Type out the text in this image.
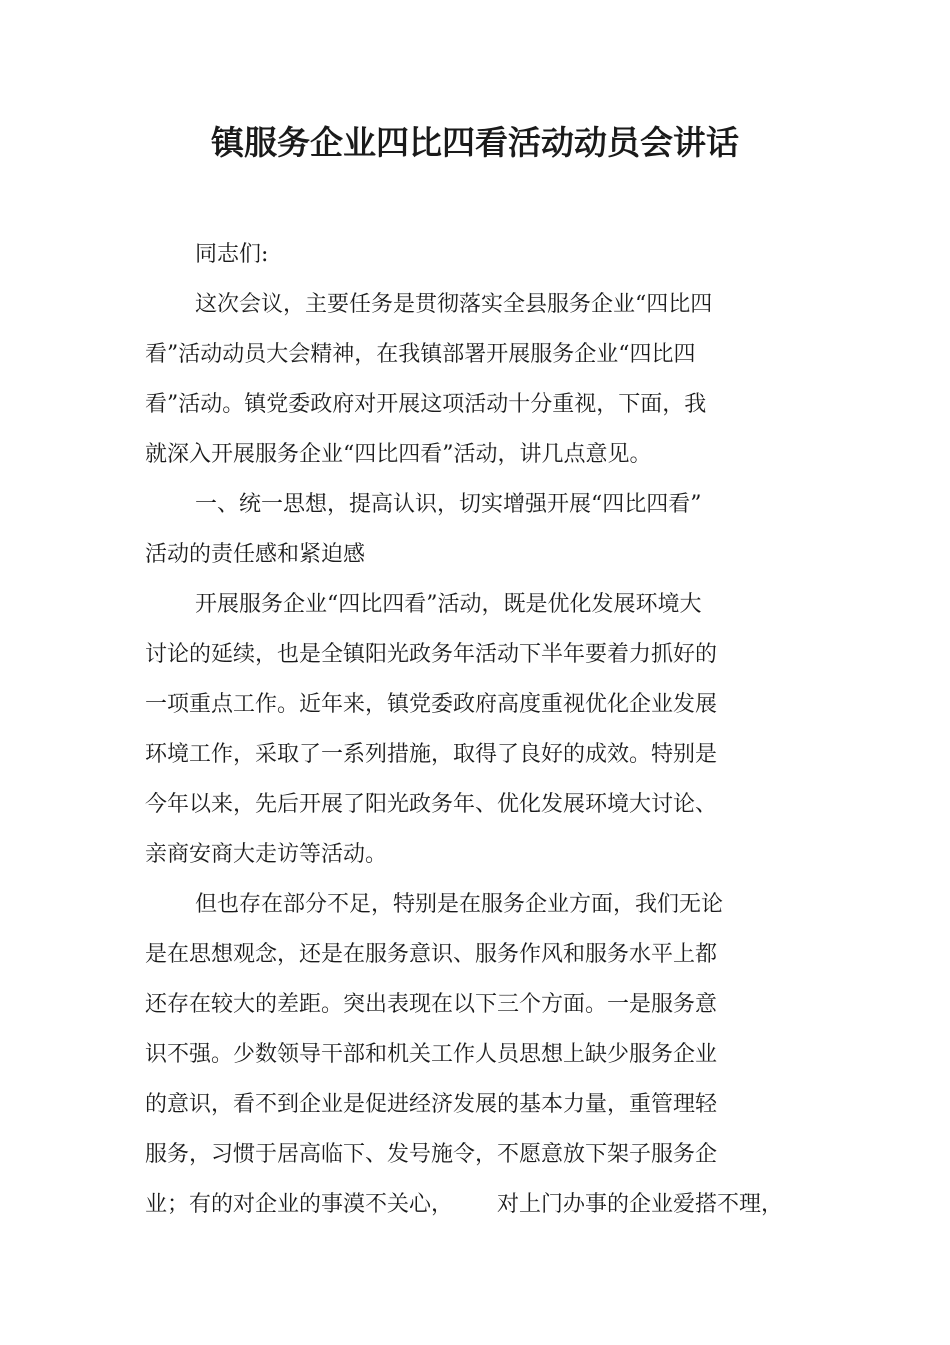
镇服务企业四比四看活动动员会讲话

同志们:

这次会议，主要任务是贯彻落实全县服务企业“四比四

看”活动动员大会精神，在我镇部署开展服务企业“四比四

看”活动。镇党委政府对开展这项活动十分重视，下面，我

就深入开展服务企业“四比四看”活动，讲几点意见。

一、统一思想，提高认识，切实增强开展“四比四看”

活动的责任感和紧迫感

开展服务企业“四比四看”活动，既是优化发展环境大

讨论的延续，也是全镇阳光政务年活动下半年要着力抓好的

一项重点工作。近年来，镇党委政府高度重视优化企业发展

环境工作，采取了一系列措施，取得了良好的成效。特别是

今年以来，先后开展了阳光政务年、优化发展环境大讨论、

亲商安商大走访等活动。

但也存在部分不足，特别是在服务企业方面，我们无论

是在思想观念，还是在服务意识、服务作风和服务水平上都

还存在较大的差距。突出表现在以下三个方面。一是服务意

识不强。少数领导干部和机关工作人员思想上缺少服务企业

的意识，看不到企业是促进经济发展的基本力量，重管理轻

服务，习惯于居高临下、发号施令，不愿意放下架子服务企

业；有的对企业的事漠不关心， 对上门办事的企业爱搭不理，
